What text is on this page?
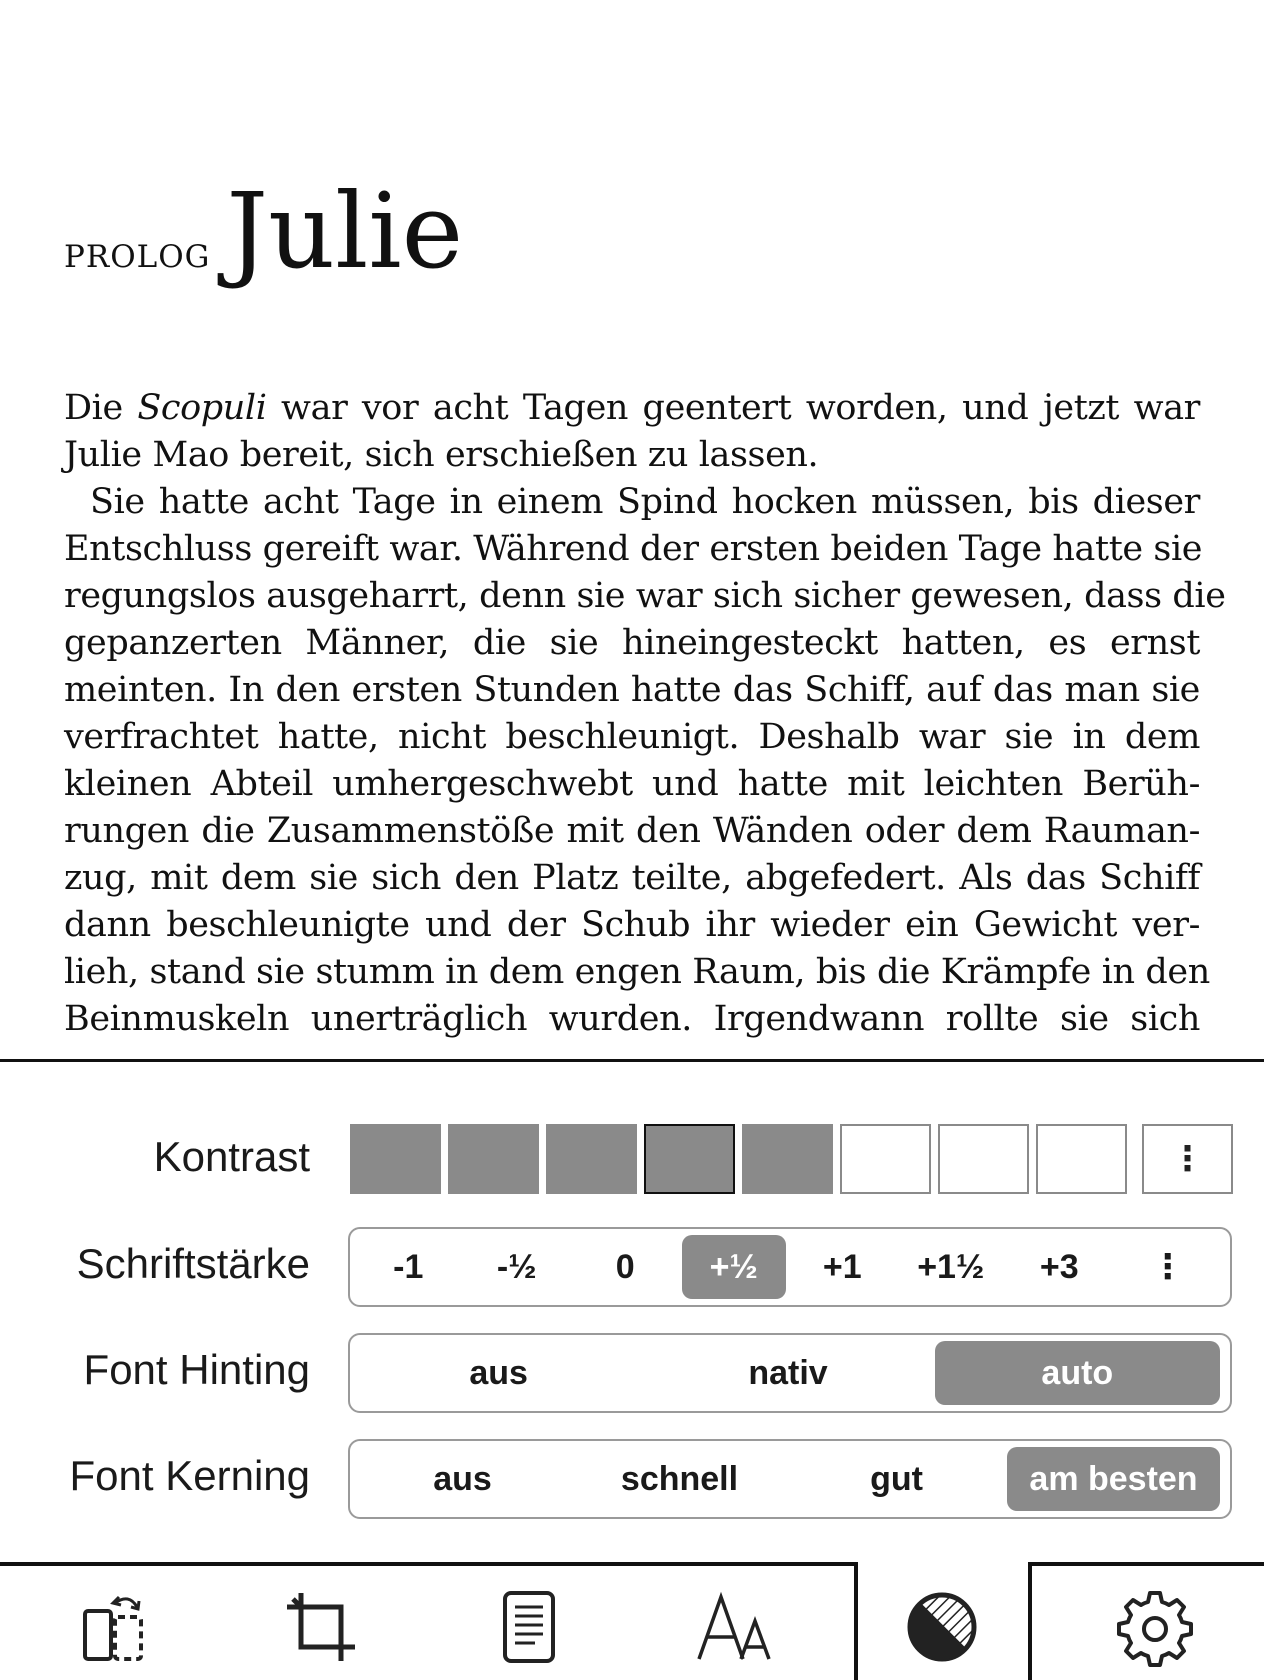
prolog Julie
Die Scopuli war vor acht Tagen geentert worden, und jetzt war
Julie Mao bereit, sich erschießen zu lassen.
Sie hatte acht Tage in einem Spind hocken müssen, bis dieser
Entschluss gereift war. Während der ersten beiden Tage hatte sie
regungslos ausgeharrt, denn sie war sich sicher gewesen, dass die
gepanzerten Männer, die sie hineingesteckt hatten, es ernst
meinten. In den ersten Stunden hatte das Schiff, auf das man sie
verfrachtet hatte, nicht beschleunigt. Deshalb war sie in dem
kleinen Abteil umhergeschwebt und hatte mit leichten Berüh-
rungen die Zusammenstöße mit den Wänden oder dem Rauman-
zug, mit dem sie sich den Platz teilte, abgefedert. Als das Schiff
dann beschleunigte und der Schub ihr wieder ein Gewicht ver-
lieh, stand sie stumm in dem engen Raum, bis die Krämpfe in den
Beinmuskeln unerträglich wurden. Irgendwann rollte sie sich
Kontrast	⋮
Schriftstärke	-1	-½	0	+½	+1	+1½	+3	⋮
Font Hinting	aus	nativ	auto
Font Kerning	aus	schnell	gut	am besten
